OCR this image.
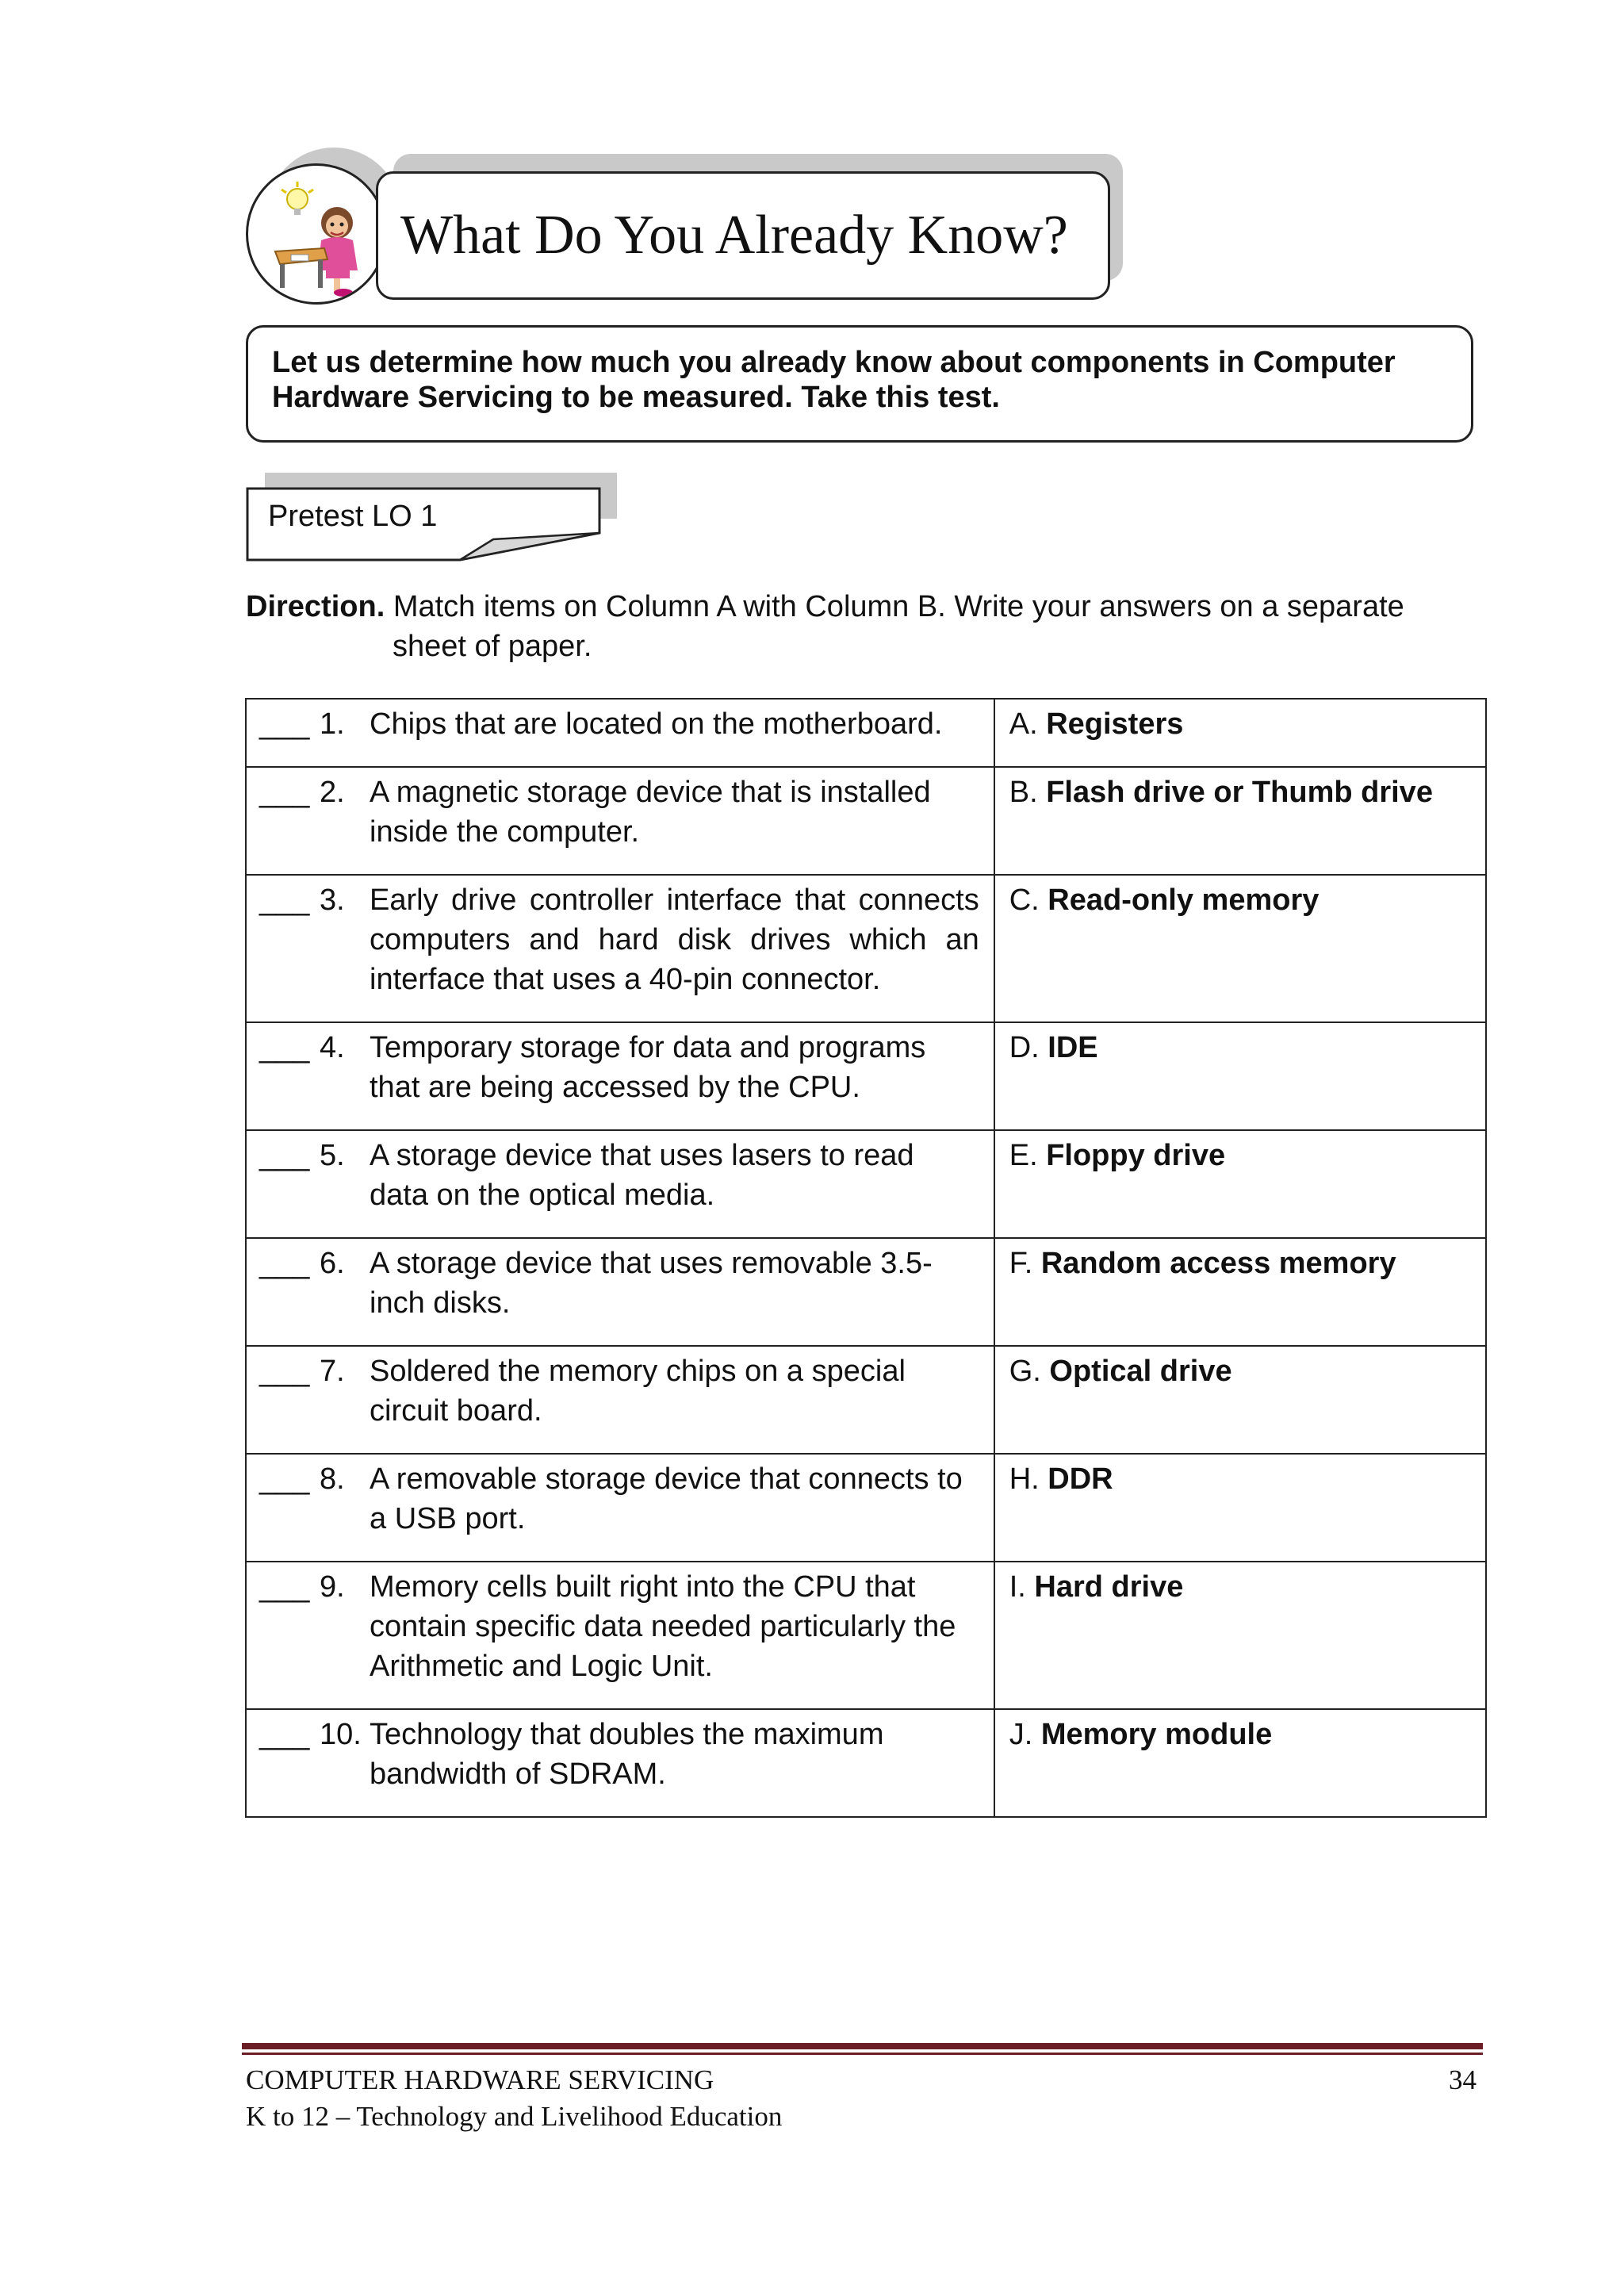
What Do You Already Know?
Let us determine how much you already know about components in Computer Hardware Servicing to be measured. Take this test.
Pretest LO 1
Direction. Match items on Column A with Column B. Write your answers on a separate
sheet of paper.
___ 1. Chips that are located on the motherboard.	A. Registers

___ 2. A magnetic storage device that is installed inside the computer.	B. Flash drive or Thumb drive

___ 3. Early drive controller interface that connects computers and hard disk drives which an interface that uses a 40-pin connector.	C. Read-only memory

___ 4. Temporary storage for data and programs that are being accessed by the CPU.	D. IDE

___ 5. A storage device that uses lasers to read data on the optical media.	E. Floppy drive

___ 6. A storage device that uses removable 3.5-inch disks.	F. Random access memory

___ 7. Soldered the memory chips on a special circuit board.	G. Optical drive

___ 8. A removable storage device that connects to a USB port.	H. DDR

___ 9. Memory cells built right into the CPU that contain specific data needed particularly the Arithmetic and Logic Unit.	I. Hard drive

___ 10. Technology that doubles the maximum bandwidth of SDRAM.	J. Memory module
COMPUTER HARDWARE SERVICING
K to 12 – Technology and Livelihood Education
34
